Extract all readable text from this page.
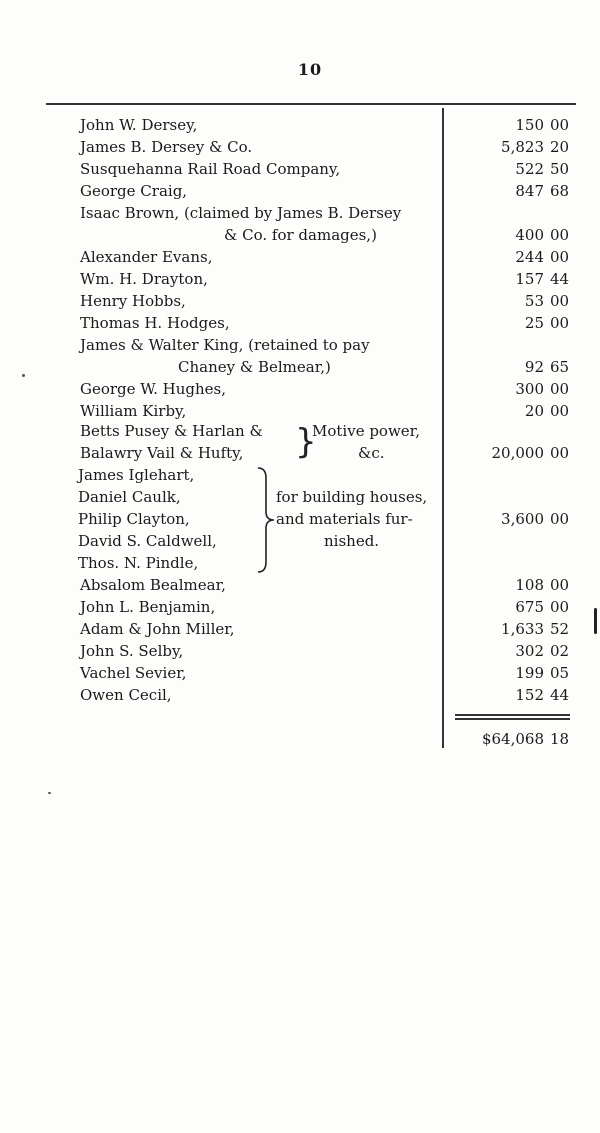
10
John W. Dersey,	150 00
James B. Dersey & Co.	5,823 20
Susquehanna Rail Road Company,	522 50
George Craig,	847 68
Isaac Brown, (claimed by James B. Dersey
& Co. for damages,)	400 00
Alexander Evans,	244 00
Wm. H. Drayton,	157 44
Henry Hobbs,	53 00
Thomas H. Hodges,	25 00
James & Walter King, (retained to pay
Chaney & Belmear,)	92 65
George W. Hughes,	300 00
William Kirby,	20 00
Betts Pusey & Harlan &
Balawry Vail & Hufty, }
Motive power,
&c.	20,000 00
James Iglehart,
Daniel Caulk,
Philip Clayton,
David S. Caldwell,
Thos. N. Pindle,
for building houses,
and materials fur-	3,600 00
nished.
Absalom Bealmear,	108 00
John L. Benjamin,	675 00
Adam & John Miller,	1,633 52
John S. Selby,	302 02
Vachel Sevier,	199 05
Owen Cecil,	152 44
$64,068 18
